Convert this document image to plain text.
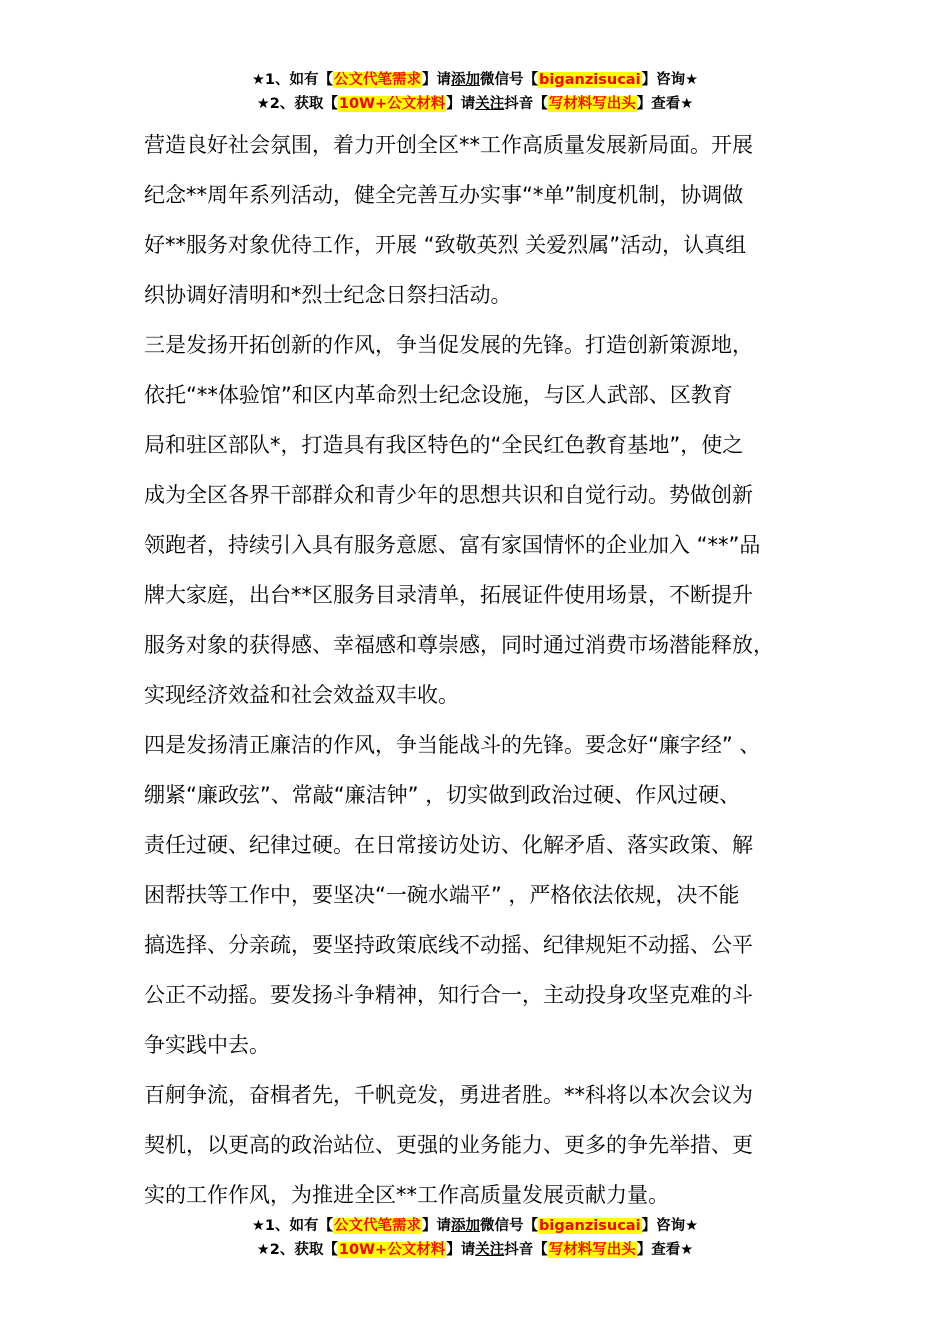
★1、如有【公文代笔需求】请添加微信号【biganzisucai】咨询★
★2、获取【10W+公文材料】请关注抖音【写材料写出头】查看★
营造良好社会氛围，着力开创全区**工作高质量发展新局面。开展
纪念**周年系列活动，健全完善互办实事“*单”制度机制，协调做
好**服务对象优待工作，开展 “致敬英烈 关爱烈属”活动，认真组
织协调好清明和*烈士纪念日祭扫活动。
三是发扬开拓创新的作风，争当促发展的先锋。打造创新策源地，
依托“**体验馆”和区内革命烈士纪念设施，与区人武部、区教育
局和驻区部队*，打造具有我区特色的“全民红色教育基地”，使之
成为全区各界干部群众和青少年的思想共识和自觉行动。势做创新
领跑者，持续引入具有服务意愿、富有家国情怀的企业加入 “**”品
牌大家庭，出台**区服务目录清单，拓展证件使用场景，不断提升
服务对象的获得感、幸福感和尊崇感，同时通过消费市场潜能释放，
实现经济效益和社会效益双丰收。
四是发扬清正廉洁的作风，争当能战斗的先锋。要念好“廉字经” 、
绷紧“廉政弦”、常敲“廉洁钟” ，切实做到政治过硬、作风过硬、
责任过硬、纪律过硬。在日常接访处访、化解矛盾、落实政策、解
困帮扶等工作中，要坚决“一碗水端平” ，严格依法依规，决不能
搞选择、分亲疏，要坚持政策底线不动摇、纪律规矩不动摇、公平
公正不动摇。要发扬斗争精神，知行合一，主动投身攻坚克难的斗
争实践中去。
百舸争流，奋楫者先，千帆竞发，勇进者胜。**科将以本次会议为
契机，以更高的政治站位、更强的业务能力、更多的争先举措、更
实的工作作风，为推进全区**工作高质量发展贡献力量。
★1、如有【公文代笔需求】请添加微信号【biganzisucai】咨询★
★2、获取【10W+公文材料】请关注抖音【写材料写出头】查看★
